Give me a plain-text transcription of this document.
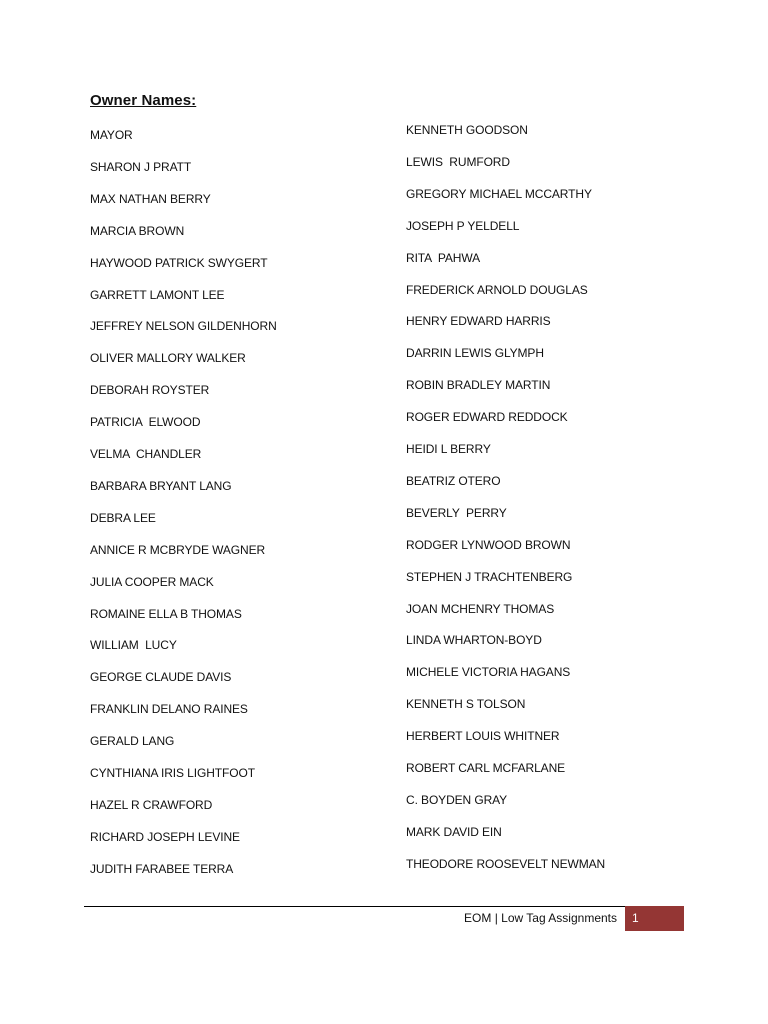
Owner Names:
MAYOR
SHARON J PRATT
MAX NATHAN BERRY
MARCIA BROWN
HAYWOOD PATRICK SWYGERT
GARRETT LAMONT LEE
JEFFREY NELSON GILDENHORN
OLIVER MALLORY WALKER
DEBORAH ROYSTER
PATRICIA  ELWOOD
VELMA  CHANDLER
BARBARA BRYANT LANG
DEBRA LEE
ANNICE R MCBRYDE WAGNER
JULIA COOPER MACK
ROMAINE ELLA B THOMAS
WILLIAM  LUCY
GEORGE CLAUDE DAVIS
FRANKLIN DELANO RAINES
GERALD LANG
CYNTHIANA IRIS LIGHTFOOT
HAZEL R CRAWFORD
RICHARD JOSEPH LEVINE
JUDITH FARABEE TERRA
KENNETH GOODSON
LEWIS  RUMFORD
GREGORY MICHAEL MCCARTHY
JOSEPH P YELDELL
RITA  PAHWA
FREDERICK ARNOLD DOUGLAS
HENRY EDWARD HARRIS
DARRIN LEWIS GLYMPH
ROBIN BRADLEY MARTIN
ROGER EDWARD REDDOCK
HEIDI L BERRY
BEATRIZ OTERO
BEVERLY  PERRY
RODGER LYNWOOD BROWN
STEPHEN J TRACHTENBERG
JOAN MCHENRY THOMAS
LINDA WHARTON-BOYD
MICHELE VICTORIA HAGANS
KENNETH S TOLSON
HERBERT LOUIS WHITNER
ROBERT CARL MCFARLANE
C. BOYDEN GRAY
MARK DAVID EIN
THEODORE ROOSEVELT NEWMAN
EOM | Low Tag Assignments 1
